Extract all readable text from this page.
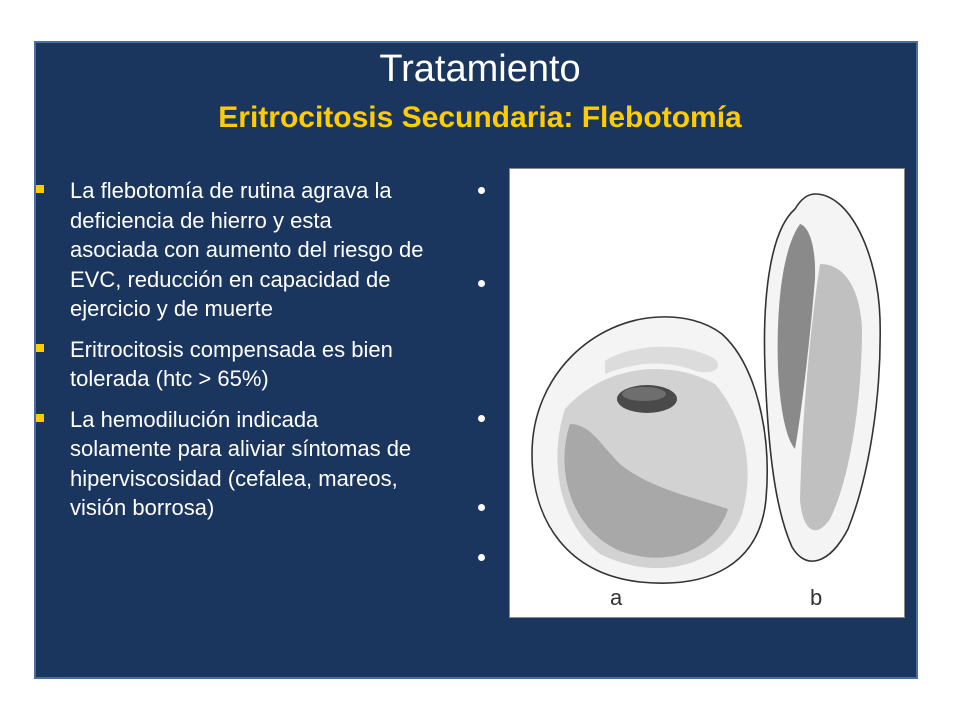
Tratamiento
Eritrocitosis Secundaria: Flebotomía
La flebotomía de rutina agrava la deficiencia de hierro y esta asociada con aumento del riesgo de EVC, reducción en capacidad de ejercicio y de muerte
Eritrocitosis compensada es bien tolerada (htc > 65%)
La hemodilución indicada solamente para aliviar síntomas de hiperviscosidad (cefalea, mareos, visión borrosa)
a	b
